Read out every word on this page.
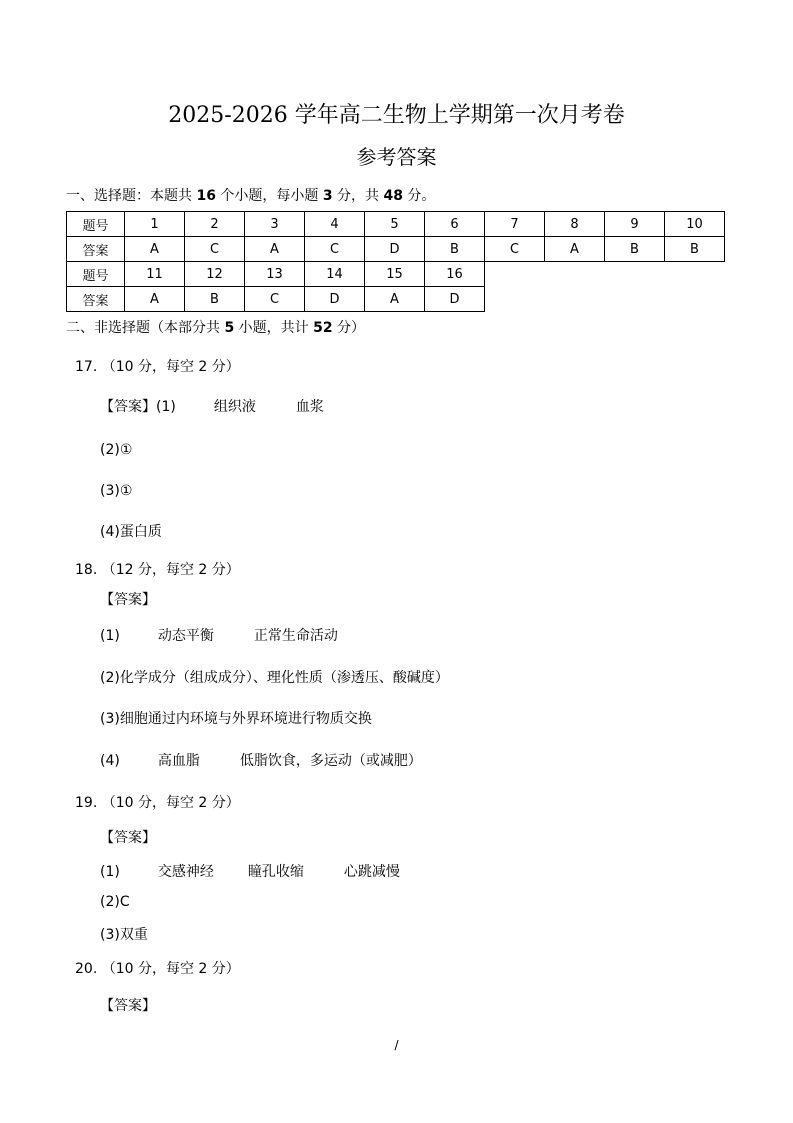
2025-2026 学年高二生物上学期第一次月考卷
参考答案
一、选择题：本题共 16 个小题，每小题 3 分，共 48 分。
题号	1	2	3	4	5	6	7	8	9	10
答案	A	C	A	C	D	B	C	A	B	B
题号	11	12	13	14	15	16				
答案	A	B	C	D	A	D				
二、非选择题（本部分共 5 小题，共计 52 分）
17. （10 分，每空 2 分）
【答案】(1)	组织液	血浆
(2)①
(3)①
(4)蛋白质
18. （12 分，每空 2 分）
【答案】
(1)	动态平衡	正常生命活动
(2)化学成分（组成成分）、理化性质（渗透压、酸碱度）
(3)细胞通过内环境与外界环境进行物质交换
(4)	高血脂	低脂饮食，多运动（或减肥）
19. （10 分，每空 2 分）
【答案】
(1)	交感神经 瞳孔收缩	心跳减慢
(2)C
(3)双重
20. （10 分，每空 2 分）
【答案】
/
